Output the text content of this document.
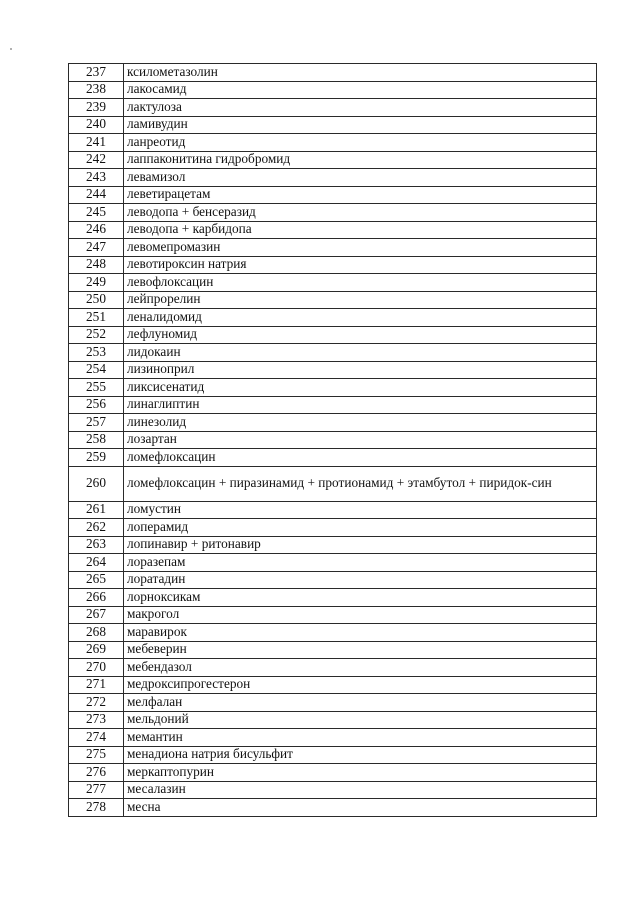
237	ксилометазолин
238	лакосамид
239	лактулоза
240	ламивудин
241	ланреотид
242	лаппаконитина гидробромид
243	левамизол
244	леветирацетам
245	леводопа + бенсеразид
246	леводопа + карбидопа
247	левомепромазин
248	левотироксин натрия
249	левофлоксацин
250	лейпрорелин
251	леналидомид
252	лефлуномид
253	лидокаин
254	лизиноприл
255	ликсисенатид
256	линаглиптин
257	линезолид
258	лозартан
259	ломефлоксацин
260	ломефлоксацин + пиразинамид + протионамид + этамбутол + пиридок-син
261	ломустин
262	лоперамид
263	лопинавир + ритонавир
264	лоразепам
265	лоратадин
266	лорноксикам
267	макрогол
268	маравирок
269	мебеверин
270	мебендазол
271	медроксипрогестерон
272	мелфалан
273	мельдоний
274	мемантин
275	менадиона натрия бисульфит
276	меркаптопурин
277	месалазин
278	месна
